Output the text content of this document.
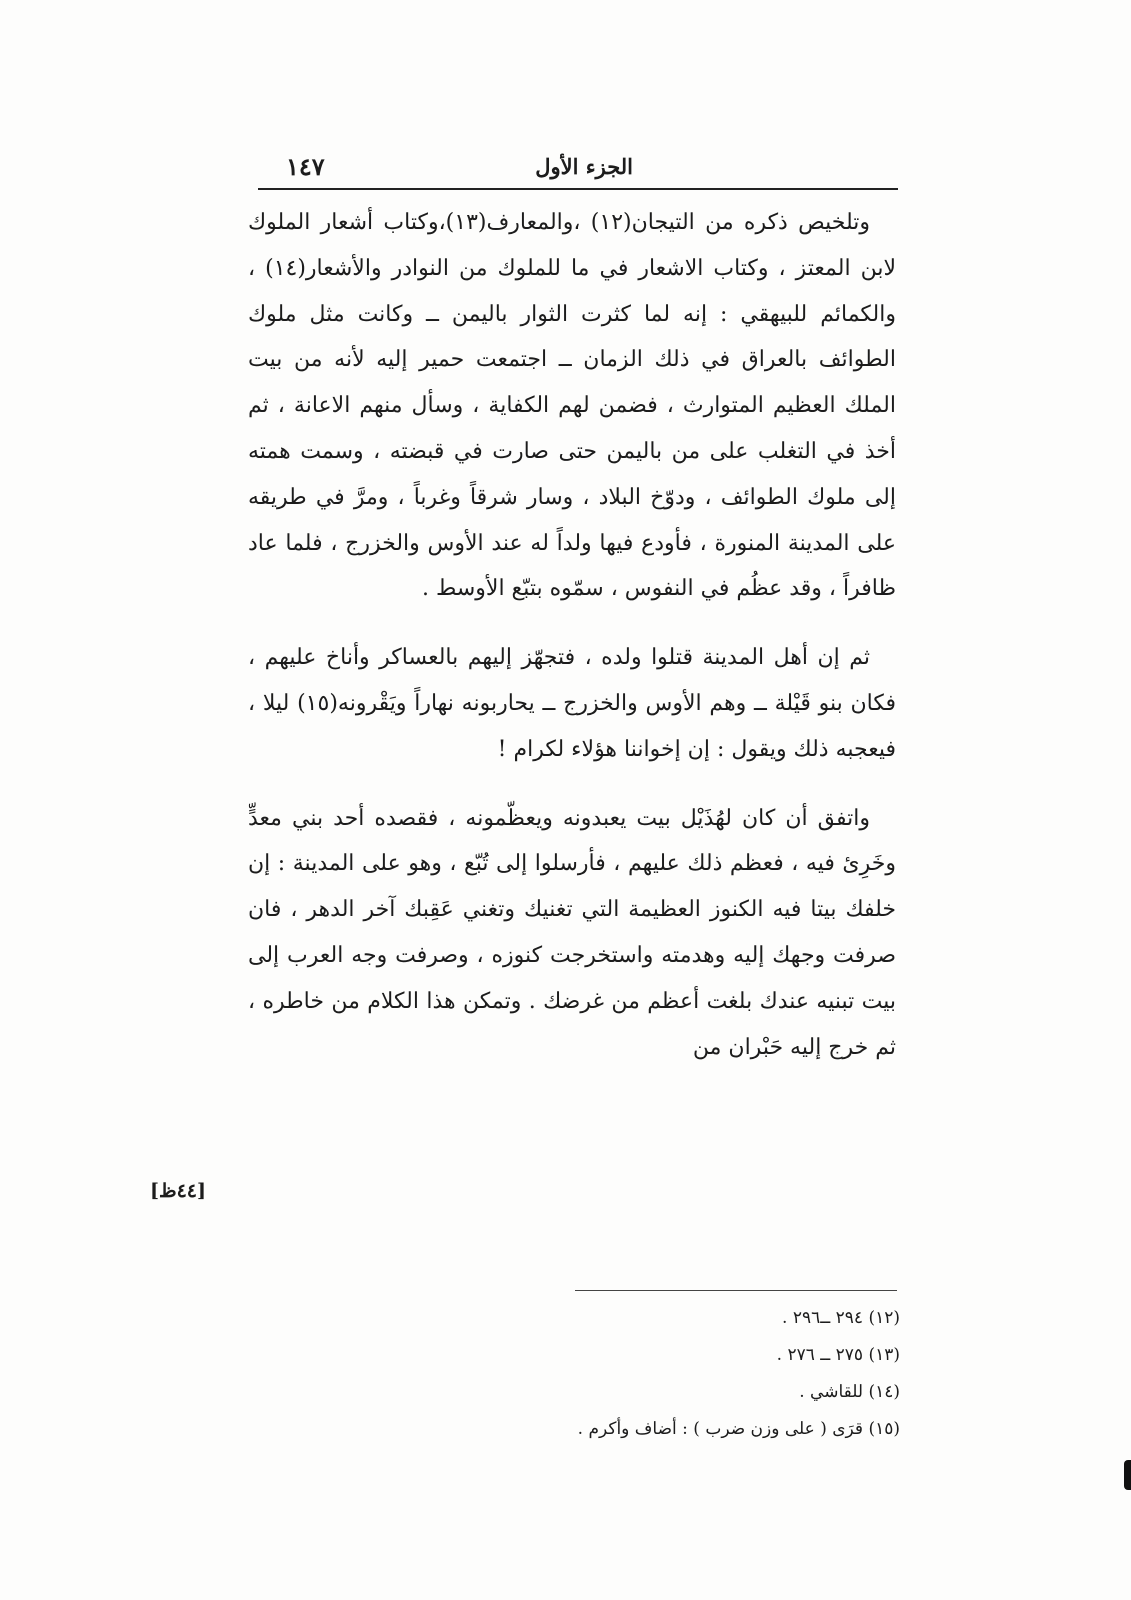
الجزء الأول
١٤٧

وتلخيص ذكره من التيجان(١٢) ،والمعارف(١٣)،وكتاب أشعار الملوك لابن المعتز ، وكتاب الاشعار في ما للملوك من النوادر والأشعار(١٤) ، والكمائم للبيهقي : إنه لما كثرت الثوار باليمن ــ وكانت مثل ملوك الطوائف بالعراق في ذلك الزمان ــ اجتمعت حمير إليه لأنه من بيت الملك العظيم المتوارث ، فضمن لهم الكفاية ، وسأل منهم الاعانة ، ثم أخذ في التغلب على من باليمن حتى صارت في قبضته ، وسمت همته إلى ملوك الطوائف ، ودوّخ البلاد ، وسار شرقاً وغرباً ، ومرَّ في طريقه على المدينة المنورة ، فأودع فيها ولداً له عند الأوس والخزرج ، فلما عاد ظافراً ، وقد عظُم في النفوس ، سمّوه بتبّع الأوسط .

ثم إن أهل المدينة قتلوا ولده ، فتجهّز إليهم بالعساكر وأناخ عليهم ، فكان بنو قَيْلة ــ وهم الأوس والخزرج ــ يحاربونه نهاراً ويَقْرونه(١٥) ليلا ، فيعجبه ذلك ويقول : إن إخواننا هؤلاء لكرام !

واتفق أن كان لهُذَيْل بيت يعبدونه ويعظّمونه ، فقصده أحد بني معدٍّ وخَرِئ فيه ، فعظم ذلك عليهم ، فأرسلوا إلى تُبّع ، وهو على المدينة : إن خلفك بيتا فيه الكنوز العظيمة التي تغنيك وتغني عَقِبك آخر الدهر ، فان صرفت وجهك إليه وهدمته واستخرجت كنوزه ، وصرفت وجه العرب إلى بيت تبنيه عندك بلغت أعظم من غرضك . وتمكن هذا الكلام من خاطره ، ثم خرج إليه حَبْران من

[٤٤ظ]

(١٢) ٢٩٤ ــ٢٩٦ .

(١٣) ٢٧٥ ــ ٢٧٦ .

(١٤) للقاشي .

(١٥) قرَى ( على وزن ضرب ) : أضاف وأكرم .
